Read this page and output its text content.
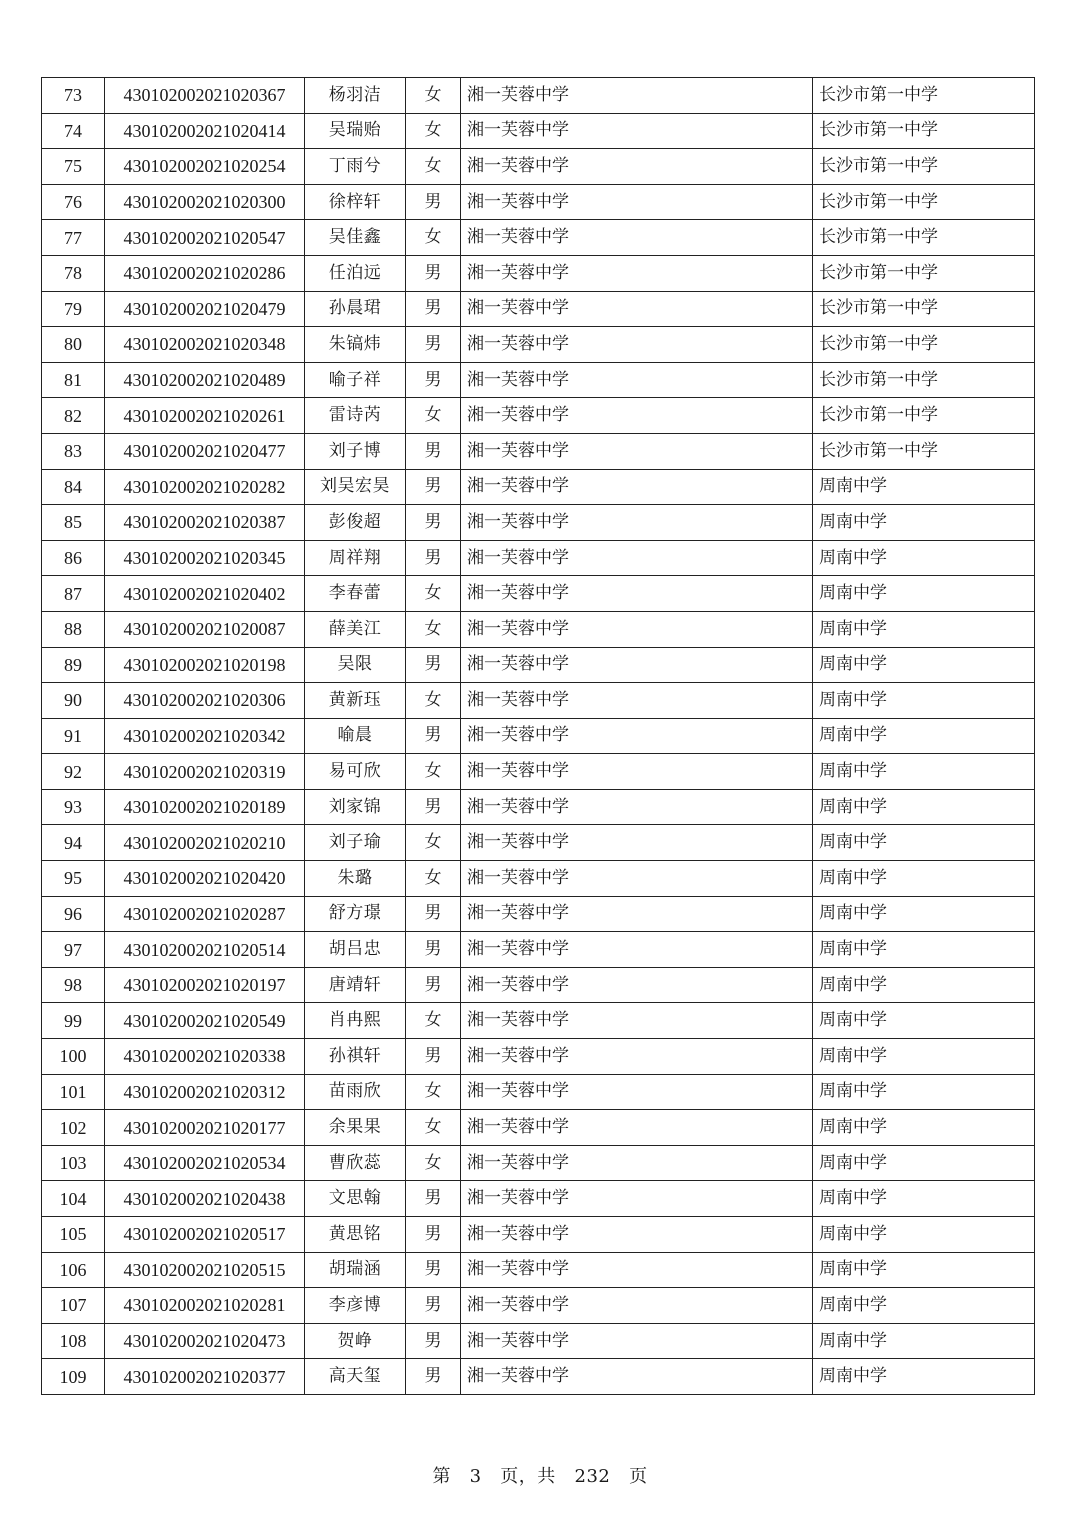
73	430102002021020367	杨羽洁	女	湘一芙蓉中学	长沙市第一中学
74	430102002021020414	吴瑞贻	女	湘一芙蓉中学	长沙市第一中学
75	430102002021020254	丁雨兮	女	湘一芙蓉中学	长沙市第一中学
76	430102002021020300	徐梓轩	男	湘一芙蓉中学	长沙市第一中学
77	430102002021020547	吴佳鑫	女	湘一芙蓉中学	长沙市第一中学
78	430102002021020286	任泊远	男	湘一芙蓉中学	长沙市第一中学
79	430102002021020479	孙晨珺	男	湘一芙蓉中学	长沙市第一中学
80	430102002021020348	朱镐炜	男	湘一芙蓉中学	长沙市第一中学
81	430102002021020489	喻子祥	男	湘一芙蓉中学	长沙市第一中学
82	430102002021020261	雷诗芮	女	湘一芙蓉中学	长沙市第一中学
83	430102002021020477	刘子博	男	湘一芙蓉中学	长沙市第一中学
84	430102002021020282	刘吴宏昊	男	湘一芙蓉中学	周南中学
85	430102002021020387	彭俊超	男	湘一芙蓉中学	周南中学
86	430102002021020345	周祥翔	男	湘一芙蓉中学	周南中学
87	430102002021020402	李春蕾	女	湘一芙蓉中学	周南中学
88	430102002021020087	薛美江	女	湘一芙蓉中学	周南中学
89	430102002021020198	吴限	男	湘一芙蓉中学	周南中学
90	430102002021020306	黄新珏	女	湘一芙蓉中学	周南中学
91	430102002021020342	喻晨	男	湘一芙蓉中学	周南中学
92	430102002021020319	易可欣	女	湘一芙蓉中学	周南中学
93	430102002021020189	刘家锦	男	湘一芙蓉中学	周南中学
94	430102002021020210	刘子瑜	女	湘一芙蓉中学	周南中学
95	430102002021020420	朱璐	女	湘一芙蓉中学	周南中学
96	430102002021020287	舒方璟	男	湘一芙蓉中学	周南中学
97	430102002021020514	胡吕忠	男	湘一芙蓉中学	周南中学
98	430102002021020197	唐靖轩	男	湘一芙蓉中学	周南中学
99	430102002021020549	肖冉熙	女	湘一芙蓉中学	周南中学
100	430102002021020338	孙祺轩	男	湘一芙蓉中学	周南中学
101	430102002021020312	苗雨欣	女	湘一芙蓉中学	周南中学
102	430102002021020177	余果果	女	湘一芙蓉中学	周南中学
103	430102002021020534	曹欣蕊	女	湘一芙蓉中学	周南中学
104	430102002021020438	文思翰	男	湘一芙蓉中学	周南中学
105	430102002021020517	黄思铭	男	湘一芙蓉中学	周南中学
106	430102002021020515	胡瑞涵	男	湘一芙蓉中学	周南中学
107	430102002021020281	李彦博	男	湘一芙蓉中学	周南中学
108	430102002021020473	贺峥	男	湘一芙蓉中学	周南中学
109	430102002021020377	高天玺	男	湘一芙蓉中学	周南中学
第 3 页，共 232 页
